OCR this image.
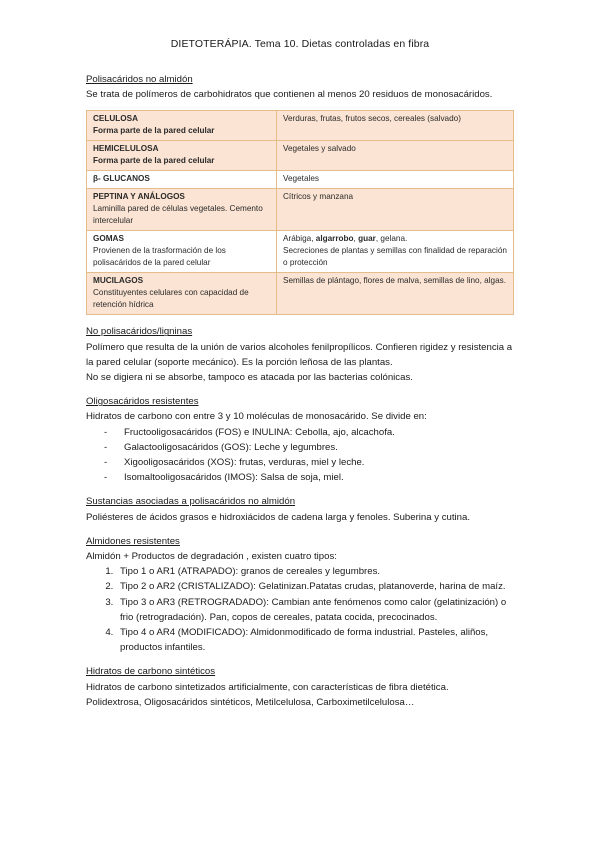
DIETOTERÁPIA. Tema 10. Dietas controladas en fibra

Polisacáridos no almidón

Se trata de polímeros de carbohidratos que contienen al menos 20 residuos de monosacáridos.

CELULOSA
Forma parte de la pared celular	Verduras, frutas, frutos secos, cereales (salvado)

HEMICELULOSA
Forma parte de la pared celular	Vegetales y salvado

β- GLUCANOS	Vegetales

PEPTINA Y ANÁLOGOS
Laminilla pared de células vegetales. Cemento intercelular	Cítricos y manzana

GOMAS
Provienen de la trasformación de los polisacáridos de la pared celular	Arábiga, algarrobo, guar, gelana.
Secreciones de plantas y semillas con finalidad de reparación o protección

MUCILAGOS
Constituyentes celulares con capacidad de retención hídrica	Semillas de plántago, flores de malva, semillas de lino, algas.

No polisacáridos/ligninas

Polímero que resulta de la unión de varios alcoholes fenilpropílicos. Confieren rigidez y resistencia a la pared celular (soporte mecánico). Es la porción leñosa de las plantas.

No se digiera ni se absorbe, tampoco es atacada por las bacterias colónicas.

Oligosacáridos resistentes

Hidratos de carbono con entre 3 y 10 moléculas de monosacárido. Se divide en:

- Fructooligosacáridos (FOS) e INULINA: Cebolla, ajo, alcachofa.
- Galactooligosacáridos (GOS): Leche y legumbres.
- Xigooligosacáridos (XOS): frutas, verduras, miel y leche.
- Isomaltooligosacáridos (IMOS): Salsa de soja, miel.

Sustancias asociadas a polisacáridos no almidón

Poliésteres de ácidos grasos e hidroxiácidos de cadena larga y fenoles. Suberina y cutina.

Almidones resistentes

Almidón + Productos de degradación , existen cuatro tipos:

1. Tipo 1 o AR1 (ATRAPADO): granos de cereales y legumbres.
2. Tipo 2 o AR2 (CRISTALIZADO): Gelatinizan.Patatas crudas, platanoverde, harina de maíz.
3. Tipo 3 o AR3 (RETROGRADADO): Cambian ante fenómenos como calor (gelatinización) o frio (retrogradación). Pan, copos de cereales, patata cocida, precocinados.
4. Tipo 4 o AR4 (MODIFICADO): Almidonmodificado de forma industrial. Pasteles, aliños, productos infantiles.

Hidratos de carbono sintéticos

Hidratos de carbono sintetizados artificialmente, con características de fibra dietética.

Polidextrosa, Oligosacáridos sintéticos, Metilcelulosa, Carboximetilcelulosa…
